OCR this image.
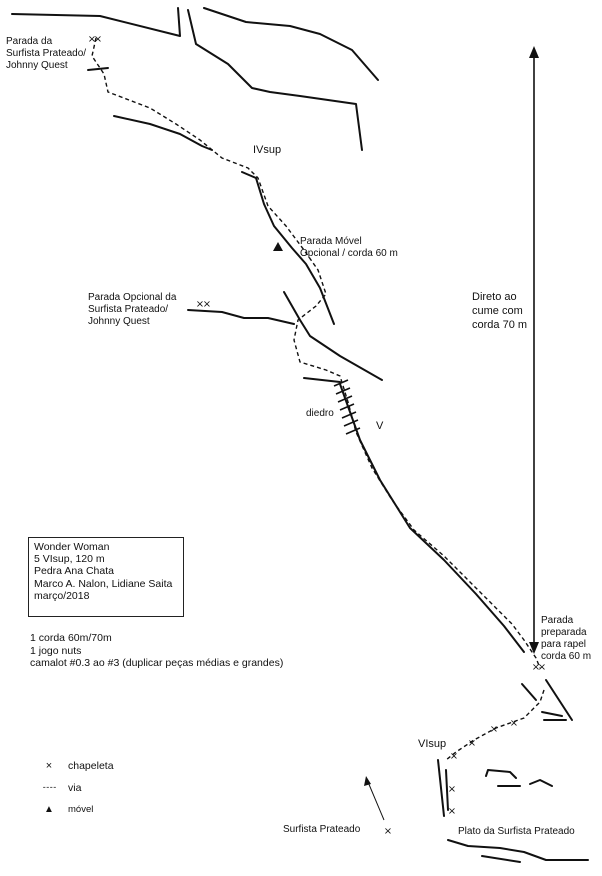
×
×
×
×
×
×
×
×
×
×
×
×
×
Parada da
Surfista Prateado/
Johnny Quest
IVsup
Parada Móvel
Opcional / corda 60 m
Parada Opcional da
Surfista Prateado/
Johnny Quest
Direto ao
cume com
corda 70 m
diedro
V
Parada
preparada
para rapel
corda 60 m
VIsup
Surfista Prateado	Plato da Surfista Prateado
Wonder Woman
5 VIsup, 120 m
Pedra Ana Chata
Marco A. Nalon, Lidiane Saita
março/2018
1 corda 60m/70m
1 jogo nuts
camalot #0.3 ao #3 (duplicar peças médias e grandes)
×	chapeleta
- - - - via
▲	móvel
